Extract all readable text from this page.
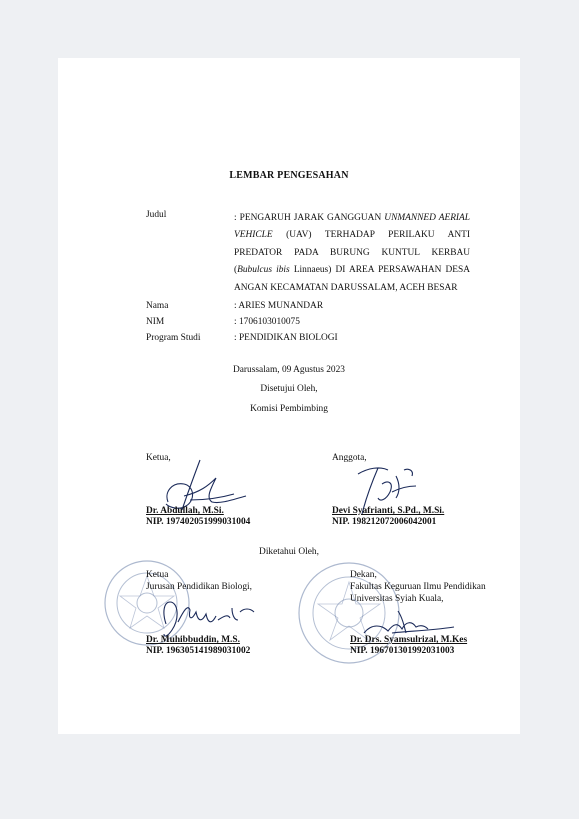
LEMBAR PENGESAHAN
Judul	: PENGARUH JARAK GANGGUAN UNMANNED AERIAL
VEHICLE (UAV) TERHADAP PERILAKU ANTI
PREDATOR PADA BURUNG KUNTUL KERBAU
(Bubulcus ibis Linnaeus) DI AREA PERSAWAHAN DESA
ANGAN KECAMATAN DARUSSALAM, ACEH BESAR
Nama	: ARIES MUNANDAR
NIM	: 1706103010075
Program Studi	: PENDIDIKAN BIOLOGI
Darussalam, 09 Agustus 2023
Disetujui Oleh,
Komisi Pembimbing
Ketua,
Dr. Abdullah, M.Si.
NIP. 197402051999031004
Anggota,
Devi Syafrianti, S.Pd., M.Si.
NIP. 198212072006042001
Diketahui Oleh,
Ketua
Jurusan Pendidikan Biologi,
Dr. Muhibbuddin, M.S.
NIP. 196305141989031002
Dekan,
Fakultas Keguruan Ilmu Pendidikan
Universitas Syiah Kuala,
Dr. Drs. Syamsulrizal, M.Kes
NIP. 196701301992031003
